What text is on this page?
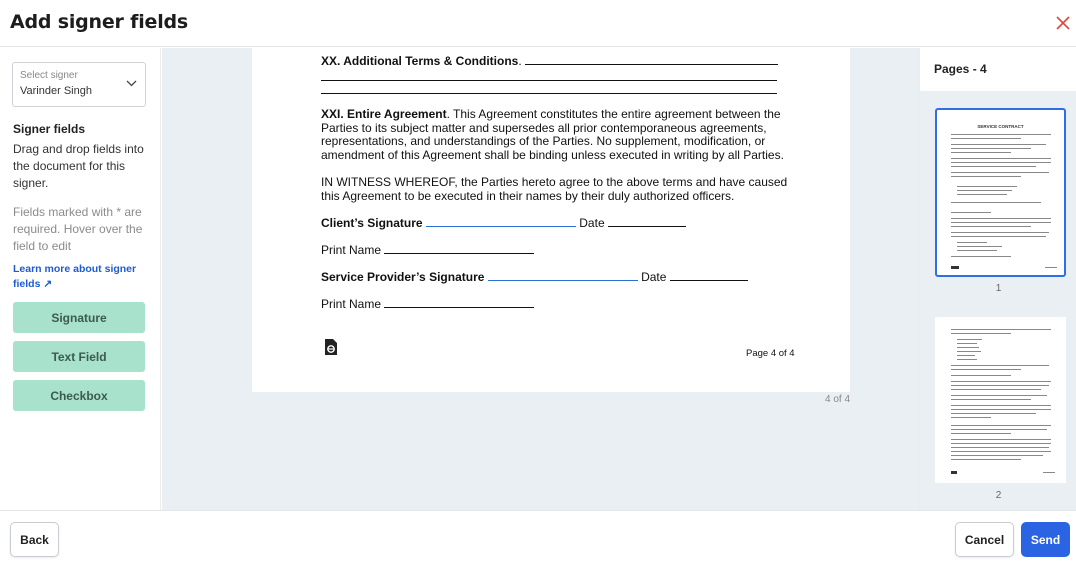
Add signer fields
Select signer
Varinder Singh
Signer fields
Drag and drop fields into the document for this signer.
Fields marked with * are required. Hover over the field to edit
Learn more about signer fields ↗
Signature
Text Field
Checkbox
XX. Additional Terms & Conditions.
XXI. Entire Agreement. This Agreement constitutes the entire agreement between the Parties to its subject matter and supersedes all prior contemporaneous agreements, representations, and understandings of the Parties. No supplement, modification, or amendment of this Agreement shall be binding unless executed in writing by all Parties.
IN WITNESS WHEREOF, the Parties hereto agree to the above terms and have caused this Agreement to be executed in their names by their duly authorized officers.
Client’s Signature	Date
Print Name
Service Provider’s Signature	Date
Print Name
Page 4 of 4
4 of 4
Pages - 4
SERVICE CONTRACT
1
2
Back	Cancel	Send
